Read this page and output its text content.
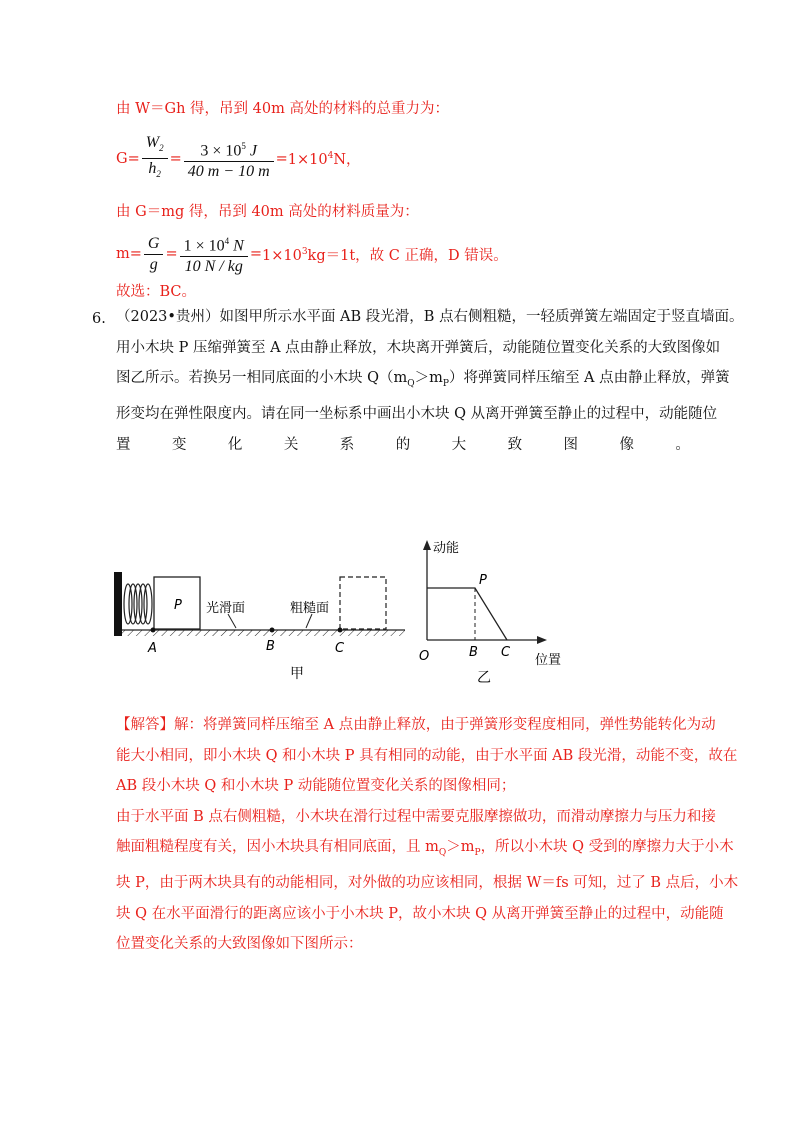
由 W＝Gh 得，吊到 40m 高处的材料的总重力为：
$G = \frac{W_2}{h_2} = \frac{3 \times 10^5 J}{40 m - 10 m} = 1\times 10^4N$，
由 G＝mg 得，吊到 40m 高处的材料质量为：
$m = \frac{G}{g} = \frac{1 \times 10^4 N}{10 N / kg} = 1\times 10^3kg=1t$，故 C 正确，D 错误。
故选：BC。
6. （2023•贵州）如图甲所示水平面 AB 段光滑，B 点右侧粗糙，一轻质弹簧左端固定于竖直墙面。
用小木块 P 压缩弹簧至 A 点由静止释放，木块离开弹簧后，动能随位置变化关系的大致图像如
图乙所示。若换另一相同底面的小木块 $Q(m_Q>m_P)$将弹簧同样压缩至 A 点由静止释放，弹簧
形变均在弹性限度内。请在同一坐标系中画出小木块 Q 从离开弹簧至静止的过程中，动能随位
置	变	化	关	系	的	大	致	图	像	。
P 光滑面	粗糙面
A	B	C
甲
动能
位置
O
P
B C
乙
【解答】解：将弹簧同样压缩至 A 点由静止释放，由于弹簧形变程度相同，弹性势能转化为动
能大小相同，即小木块 Q 和小木块 P 具有相同的动能，由于水平面 AB 段光滑，动能不变，故在
AB 段小木块 Q 和小木块 P 动能随位置变化关系的图像相同；
由于水平面 B 点右侧粗糙，小木块在滑行过程中需要克服摩擦做功，而滑动摩擦力与压力和接
触面粗糙程度有关，因小木块具有相同底面，且 $m_Q>m_P$，所以小木块 Q 受到的摩擦力大于小木
块 P，由于两木块具有的动能相同，对外做的功应该相同，根据 W＝fs 可知，过了 B 点后，小木
块 Q 在水平面滑行的距离应该小于小木块 P，故小木块 Q 从离开弹簧至静止的过程中，动能随
位置变化关系的大致图像如下图所示：
